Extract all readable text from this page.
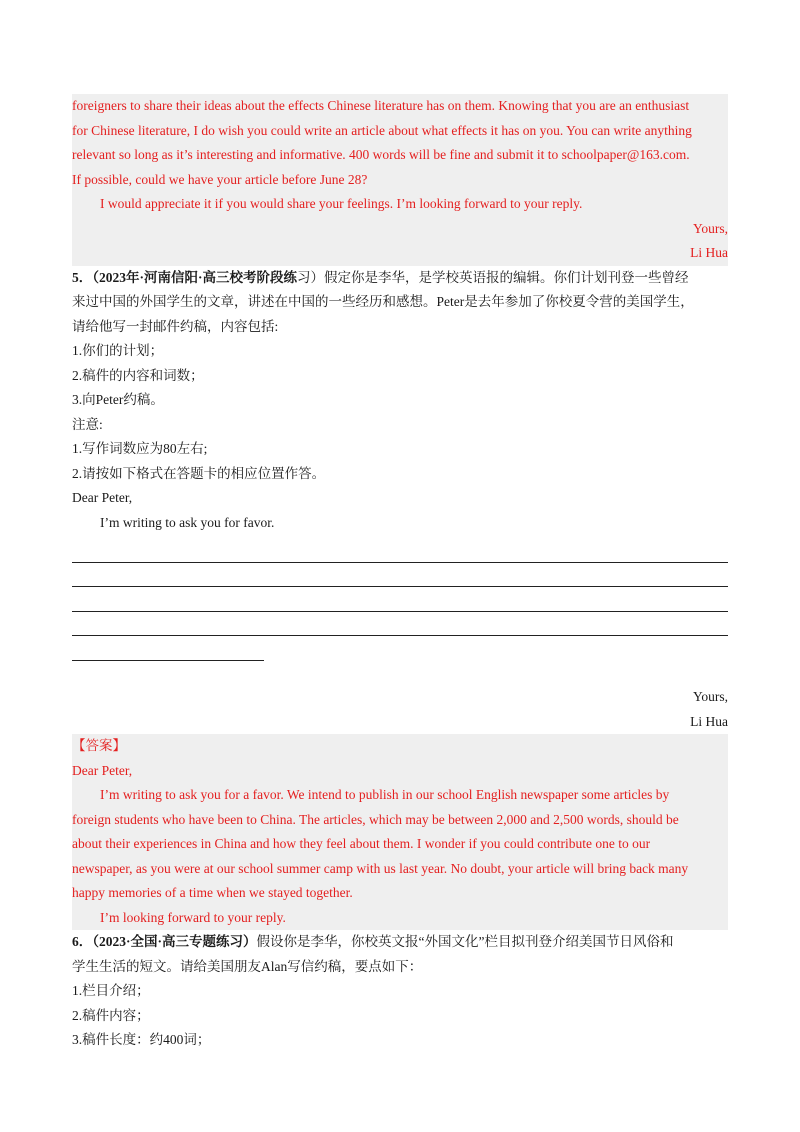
foreigners to share their ideas about the effects Chinese literature has on them. Knowing that you are an enthusiast
for Chinese literature, I do wish you could write an article about what effects it has on you. You can write anything
relevant so long as it’s interesting and informative. 400 words will be fine and submit it to schoolpaper@163.com.
If possible, could we have your article before June 28?
I would appreciate it if you would share your feelings. I’m looking forward to your reply.
Yours,
Li Hua
5．（2023年·河南信阳·高三校考阶段练习）假定你是李华，是学校英语报的编辑。你们计划刊登一些曾经
来过中国的外国学生的文章，讲述在中国的一些经历和感想。Peter是去年参加了你校夏令营的美国学生，
请给他写一封邮件约稿，内容包括:
1.你们的计划；
2.稿件的内容和词数；
3.向Peter约稿。
注意:
1.写作词数应为80左右;
2.请按如下格式在答题卡的相应位置作答。
Dear Peter,
I’m writing to ask you for favor.
Yours,
Li Hua
【答案】
Dear Peter,
I’m writing to ask you for a favor. We intend to publish in our school English newspaper some articles by
foreign students who have been to China. The articles, which may be between 2,000 and 2,500 words, should be
about their experiences in China and how they feel about them. I wonder if you could contribute one to our
newspaper, as you were at our school summer camp with us last year. No doubt, your article will bring back many
happy memories of a time when we stayed together.
I’m looking forward to your reply.
6．（2023·全国·高三专题练习）假设你是李华，你校英文报“外国文化”栏目拟刊登介绍美国节日风俗和
学生生活的短文。请给美国朋友Alan写信约稿，要点如下：
1.栏目介绍；
2.稿件内容；
3.稿件长度：约400词；
